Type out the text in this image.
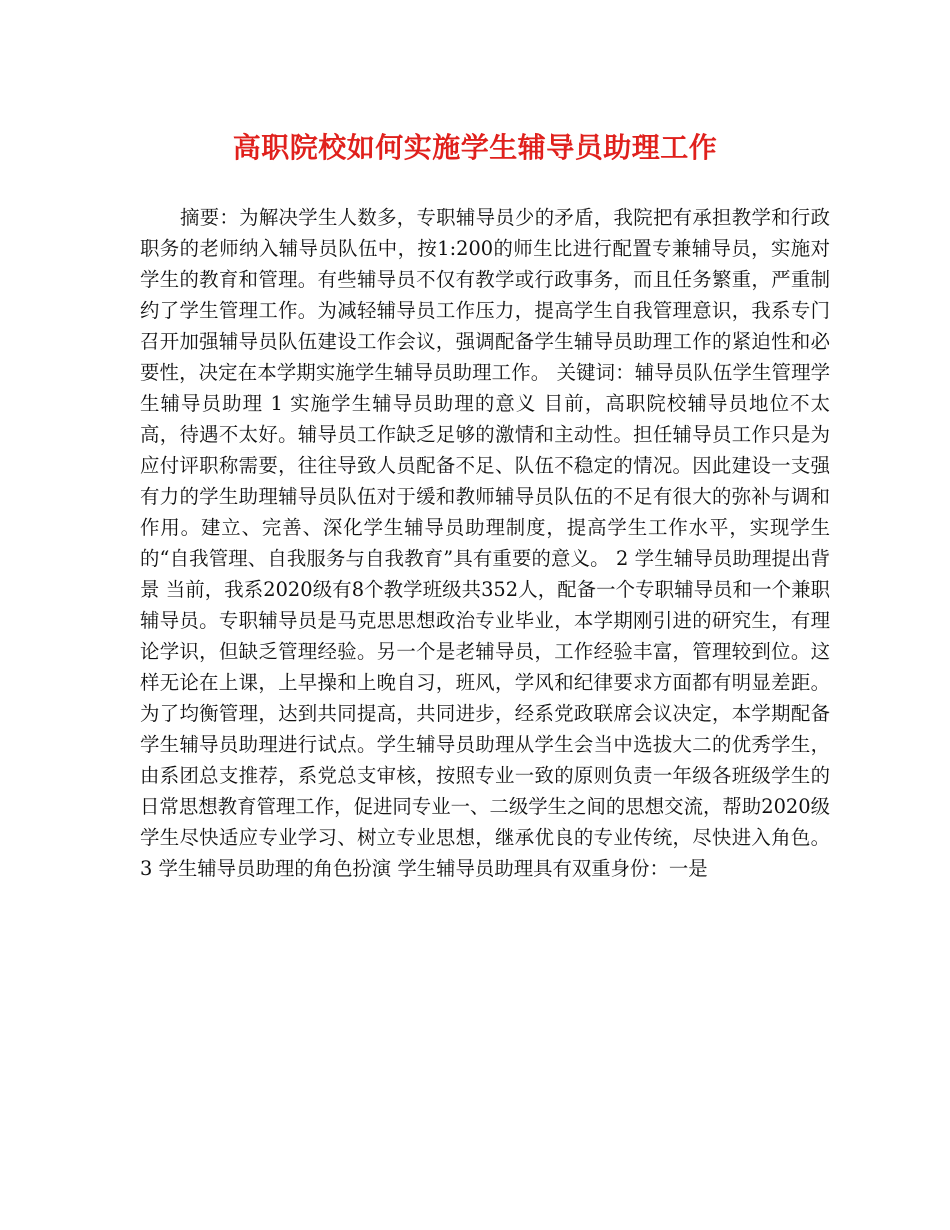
高职院校如何实施学生辅导员助理工作

摘要：为解决学生人数多，专职辅导员少的矛盾，我院把有承担教学和行政职务的老师纳入辅导员队伍中，按1:200的师生比进行配置专兼辅导员，实施对学生的教育和管理。有些辅导员不仅有教学或行政事务，而且任务繁重，严重制约了学生管理工作。为减轻辅导员工作压力，提高学生自我管理意识，我系专门召开加强辅导员队伍建设工作会议，强调配备学生辅导员助理工作的紧迫性和必要性，决定在本学期实施学生辅导员助理工作。 关键词：辅导员队伍学生管理学生辅导员助理 1 实施学生辅导员助理的意义 目前，高职院校辅导员地位不太高，待遇不太好。辅导员工作缺乏足够的激情和主动性。担任辅导员工作只是为应付评职称需要，往往导致人员配备不足、队伍不稳定的情况。因此建设一支强有力的学生助理辅导员队伍对于缓和教师辅导员队伍的不足有很大的弥补与调和作用。建立、完善、深化学生辅导员助理制度，提高学生工作水平，实现学生的“自我管理、自我服务与自我教育”具有重要的意义。 2 学生辅导员助理提出背景 当前，我系2020级有8个教学班级共352人，配备一个专职辅导员和一个兼职辅导员。专职辅导员是马克思思想政治专业毕业，本学期刚引进的研究生，有理论学识，但缺乏管理经验。另一个是老辅导员，工作经验丰富，管理较到位。这样无论在上课，上早操和上晚自习，班风，学风和纪律要求方面都有明显差距。为了均衡管理，达到共同提高，共同进步，经系党政联席会议决定，本学期配备学生辅导员助理进行试点。学生辅导员助理从学生会当中选拔大二的优秀学生，由系团总支推荐，系党总支审核，按照专业一致的原则负责一年级各班级学生的日常思想教育管理工作，促进同专业一、二级学生之间的思想交流，帮助2020级学生尽快适应专业学习、树立专业思想，继承优良的专业传统，尽快进入角色。 3 学生辅导员助理的角色扮演 学生辅导员助理具有双重身份：一是
